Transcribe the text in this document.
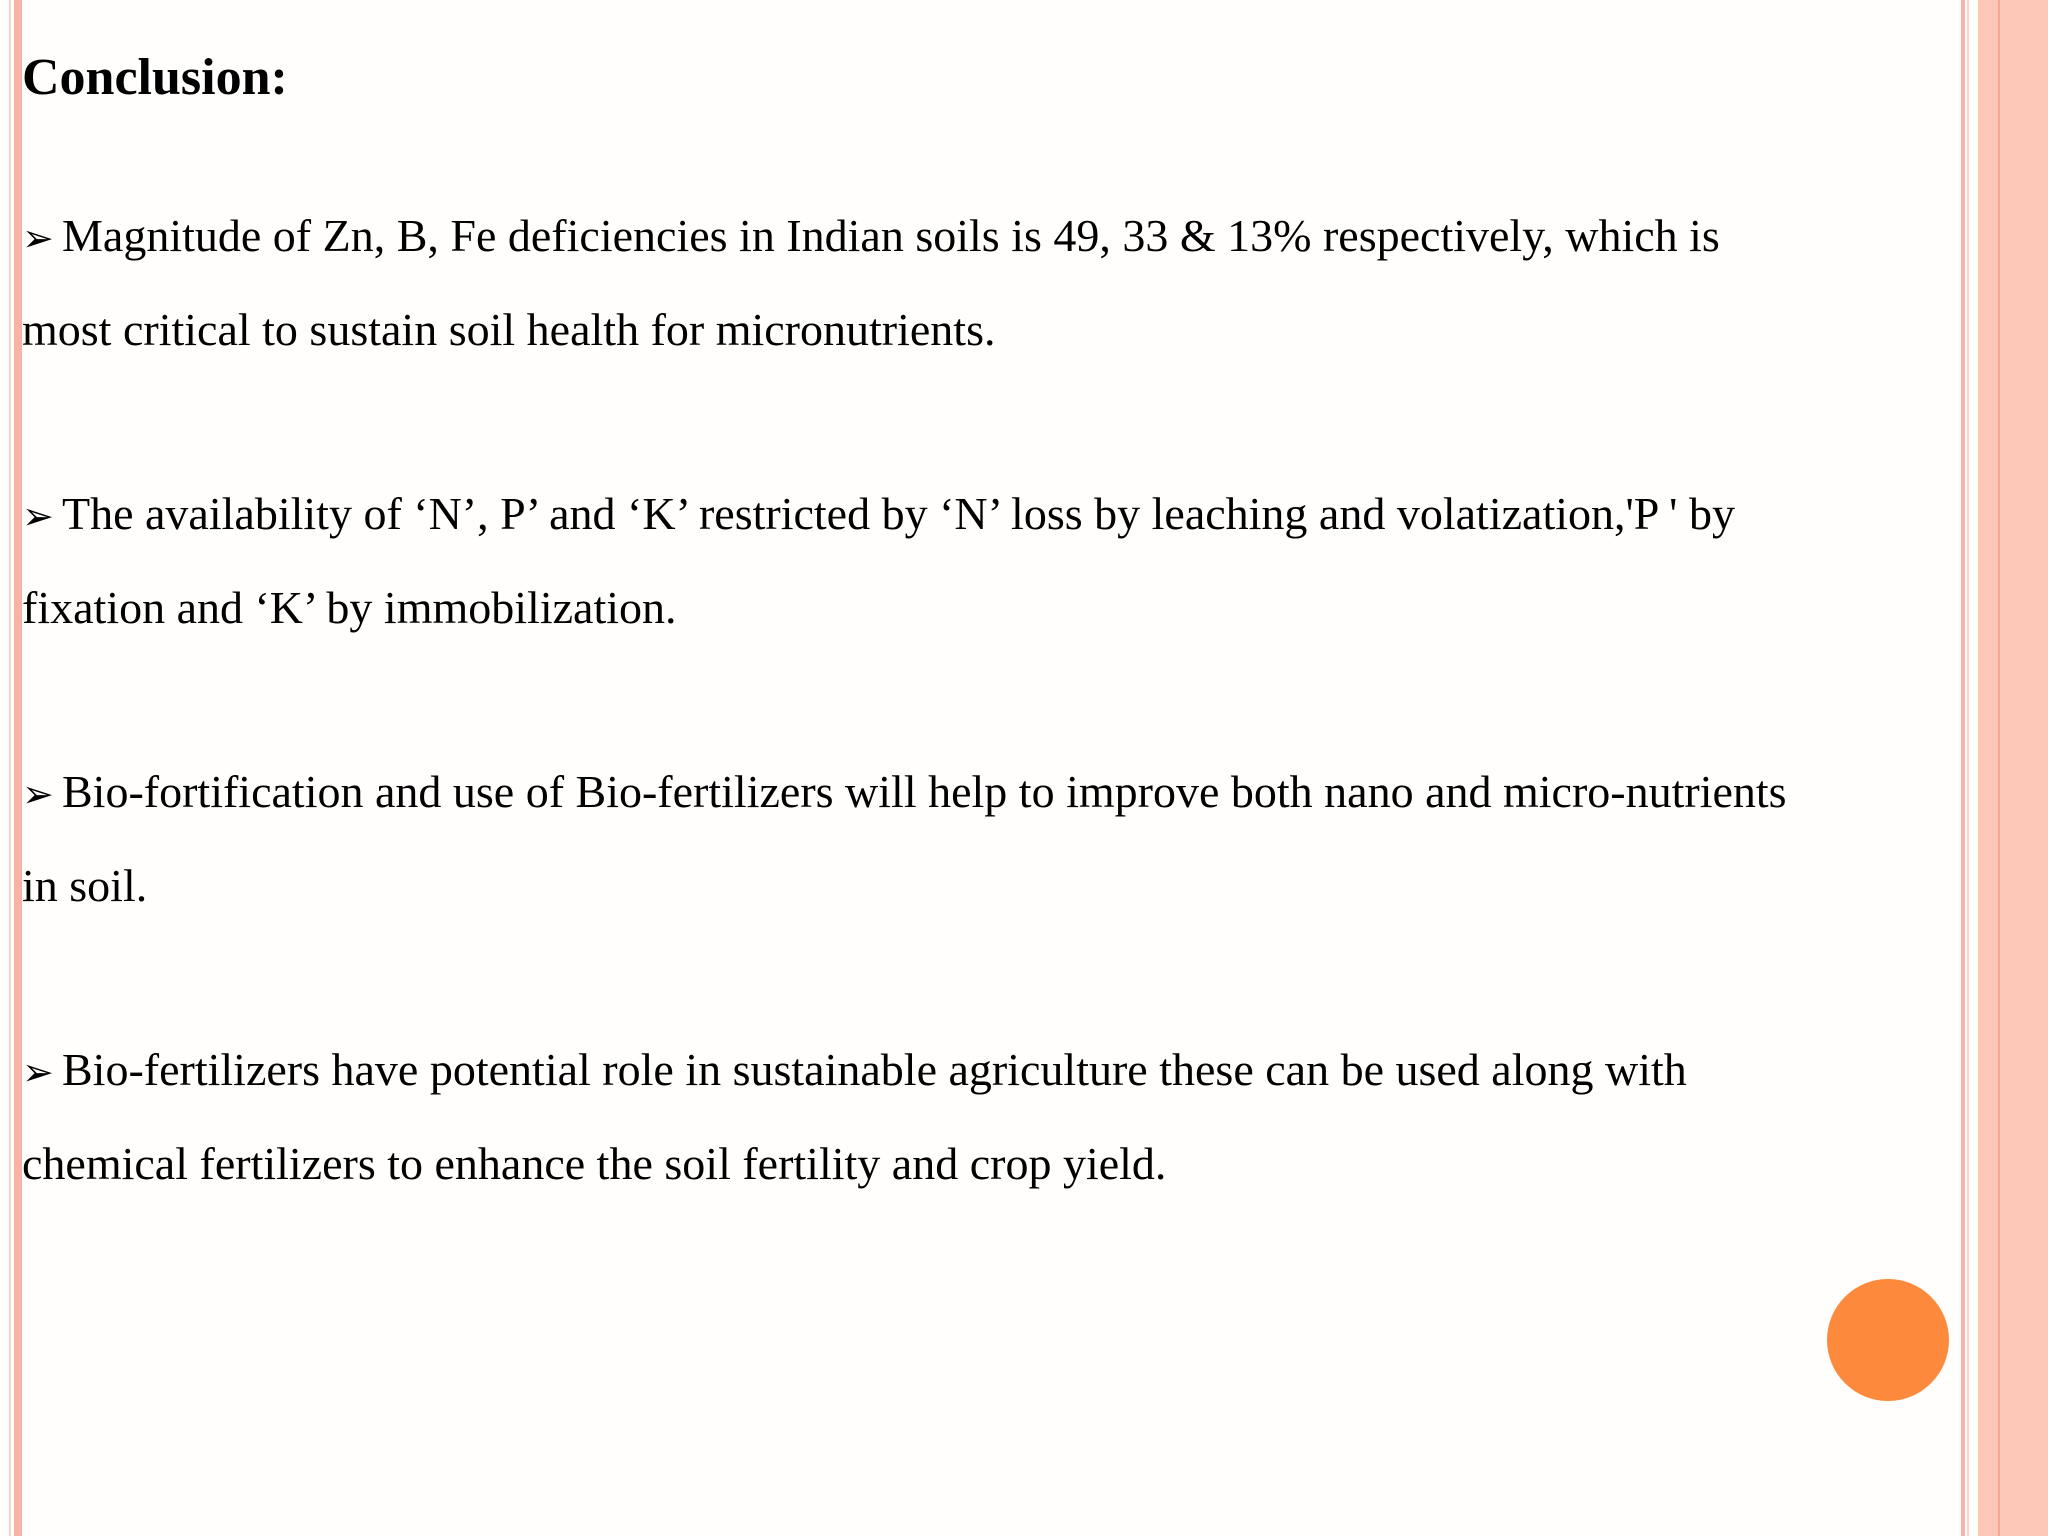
Conclusion:
➢ Magnitude of Zn, B, Fe deficiencies in Indian soils is 49, 33 & 13% respectively, which is
most critical to sustain soil health for micronutrients.
➢ The availability of ‘N’, P’ and ‘K’ restricted by ‘N’ loss by leaching and volatization,'P ' by
fixation and ‘K’ by immobilization.
➢ Bio-fortification and use of Bio-fertilizers will help to improve both nano and micro-nutrients
in soil.
➢ Bio-fertilizers have potential role in sustainable agriculture these can be used along with
chemical fertilizers to enhance the soil fertility and crop yield.
